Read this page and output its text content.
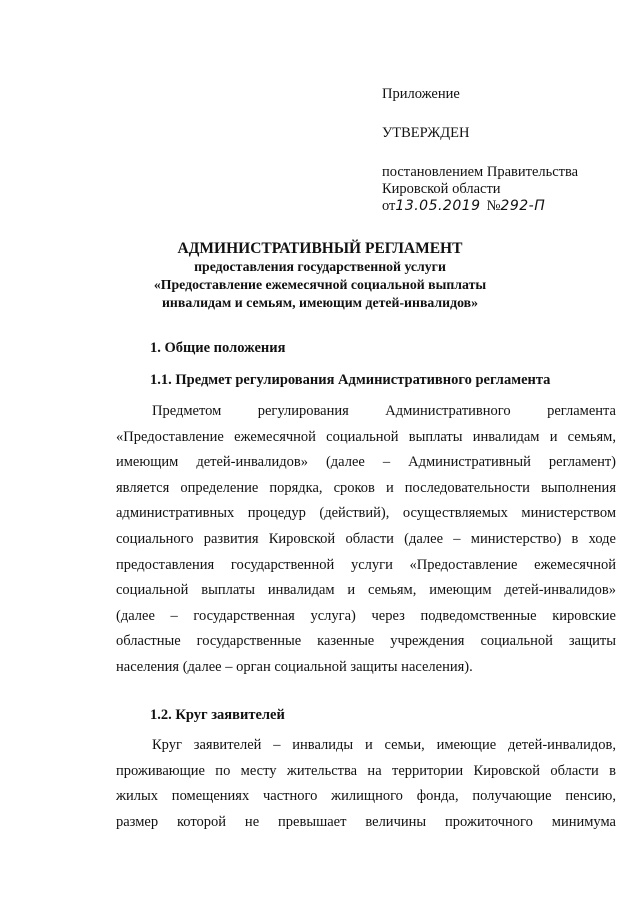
Приложение

УТВЕРЖДЕН

постановлением Правительства

Кировской области

от13.05.2019 №292-П

АДМИНИСТРАТИВНЫЙ РЕГЛАМЕНТ

предоставления государственной услуги

«Предоставление ежемесячной социальной выплаты

инвалидам и семьям, имеющим детей-инвалидов»

1. Общие положения

1.1. Предмет регулирования Административного регламента

Предметом регулирования Административного регламента
«Предоставление ежемесячной социальной выплаты инвалидам и семьям,
имеющим детей-инвалидов» (далее – Административный регламент)
является определение порядка, сроков и последовательности выполнения
административных процедур (действий), осуществляемых министерством
социального развития Кировской области (далее – министерство) в ходе
предоставления государственной услуги «Предоставление ежемесячной
социальной выплаты инвалидам и семьям, имеющим детей-инвалидов»
(далее – государственная услуга) через подведомственные кировские
областные государственные казенные учреждения социальной защиты
населения (далее – орган социальной защиты населения).

1.2. Круг заявителей

Круг заявителей – инвалиды и семьи, имеющие детей-инвалидов,
проживающие по месту жительства на территории Кировской области в
жилых помещениях частного жилищного фонда, получающие пенсию,
размер которой не превышает величины прожиточного минимума
